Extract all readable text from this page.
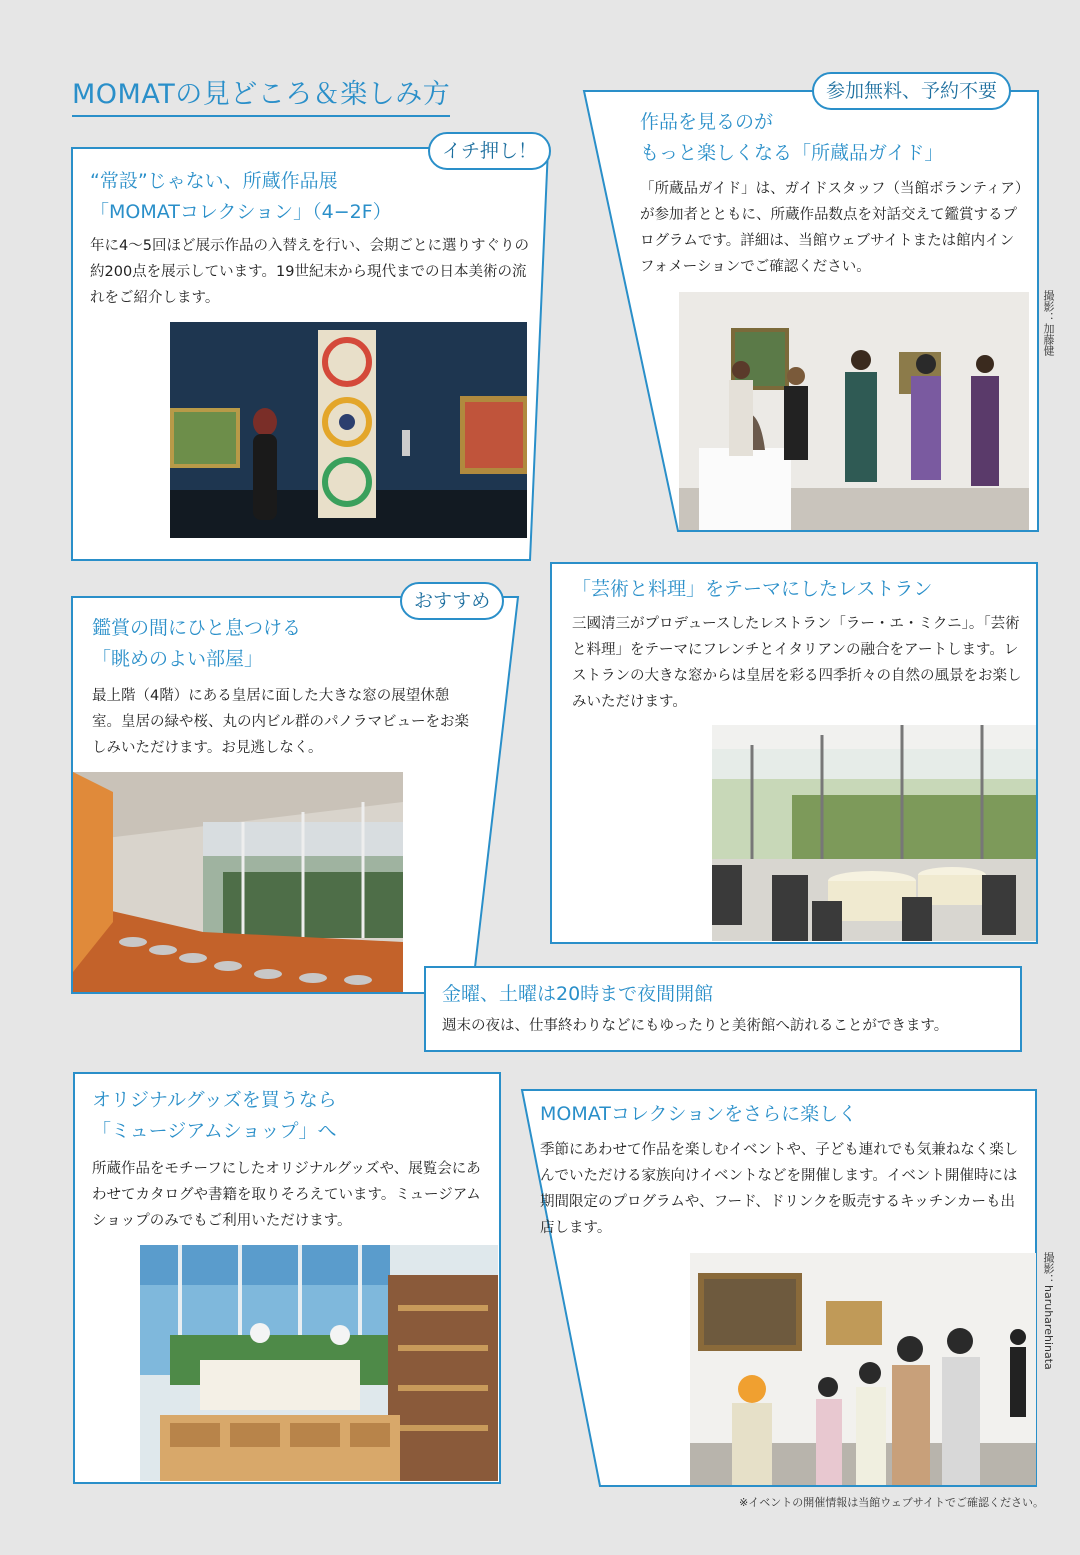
MOMATの見どころ＆楽しみ方
イチ押し！
“常設”じゃない、所蔵作品展
「MOMATコレクション」（4−2F）
年に4〜5回ほど展示作品の入替えを行い、会期ごとに選りすぐりの約200点を展示しています。19世紀末から現代までの日本美術の流れをご紹介します。
参加無料、予約不要
作品を見るのが
もっと楽しくなる「所蔵品ガイド」
「所蔵品ガイド」は、ガイドスタッフ（当館ボランティア）が参加者とともに、所蔵作品数点を対話交えて鑑賞するプログラムです。詳細は、当館ウェブサイトまたは館内インフォメーションでご確認ください。
撮影：加藤健
おすすめ
鑑賞の間にひと息つける
「眺めのよい部屋」
最上階（4階）にある皇居に面した大きな窓の展望休憩室。皇居の緑や桜、丸の内ビル群のパノラマビューをお楽しみいただけます。お見逃しなく。
「芸術と料理」をテーマにしたレストラン
三國清三がプロデュースしたレストラン「ラー・エ・ミクニ」。「芸術と料理」をテーマにフレンチとイタリアンの融合をアートします。レストランの大きな窓からは皇居を彩る四季折々の自然の風景をお楽しみいただけます。
金曜、土曜は20時まで夜間開館
週末の夜は、仕事終わりなどにもゆったりと美術館へ訪れることができます。
オリジナルグッズを買うなら
「ミュージアムショップ」へ
所蔵作品をモチーフにしたオリジナルグッズや、展覧会にあわせてカタログや書籍を取りそろえています。ミュージアムショップのみでもご利用いただけます。
MOMATコレクションをさらに楽しく
季節にあわせて作品を楽しむイベントや、子ども連れでも気兼ねなく楽しんでいただける家族向けイベントなどを開催します。イベント開催時には期間限定のプログラムや、フード、ドリンクを販売するキッチンカーも出店します。
撮影：haruharehinata
※イベントの開催情報は当館ウェブサイトでご確認ください。
